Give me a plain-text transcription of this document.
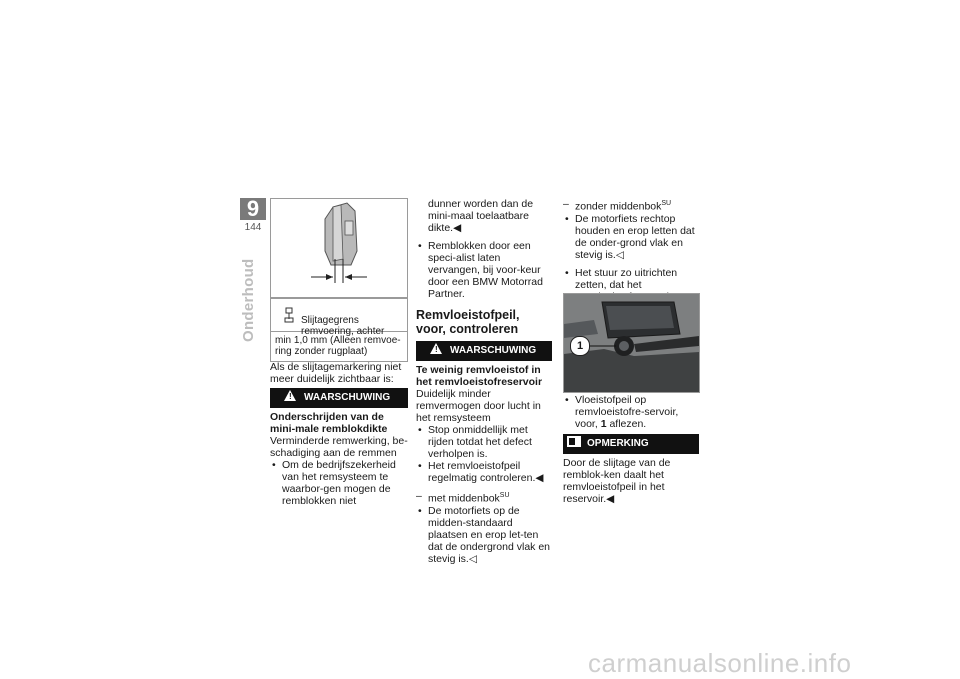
9
144
Onderhoud	Slijtagegrens remvoering, achter

min 1,0 mm (Alleen remvoe-ring zonder rugplaat)

Als de slijtagemarkering niet meer duidelijk zichtbaar is:

! WAARSCHUWING

Onderschrijden van de mini-male remblokdikte

Verminderde remwerking, be-schadiging aan de remmen

• Om de bedrijfszekerheid van het remsysteem te waarbor-gen mogen de remblokken niet

dunner worden dan de mini-maal toelaatbare dikte.◀

• Remblokken door een speci-alist laten vervangen, bij voor-keur door een BMW Motorrad Partner.

Remvloeistofpeil, voor, controleren

! WAARSCHUWING

Te weinig remvloeistof in het remvloeistofreservoir

Duidelijk minder remvermogen door lucht in het remsysteem

• Stop onmiddellijk met rijden totdat het defect verholpen is.

• Het remvloeistofpeil regelmatig controleren.◀

– met middenbok$^{SU}$

• De motorfiets op de midden-standaard plaatsen en erop let-ten dat de ondergrond vlak en stevig is.◁

– zonder middenbok$^{SU}$

• De motorfiets rechtop houden en erop letten dat de onder-grond vlak en stevig is.◁

• Het stuur zo uitrichten zetten, dat het

1

• Vloeistofpeil op remvloeistofre-servoir, voor, 1 aflezen.

OPMERKING

Door de slijtage van de remblok-ken daalt het remvloeistofpeil in het reservoir.◀

carmanualsonline.info
